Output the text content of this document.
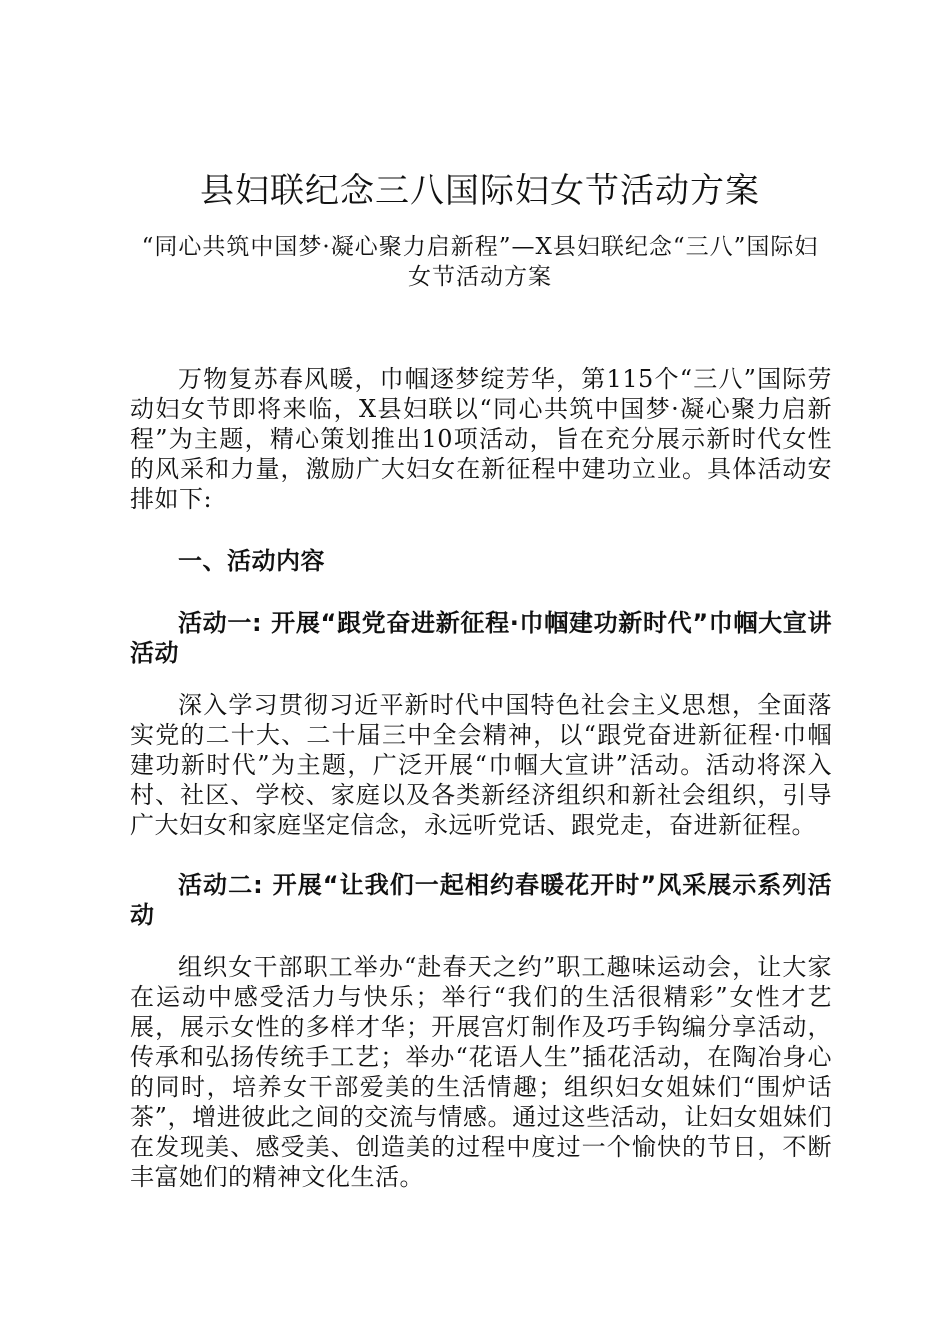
县妇联纪念三八国际妇女节活动方案

“同心共筑中国梦·凝心聚力启新程”—X县妇联纪念“三八”国际妇女节活动方案

万物复苏春风暖，巾帼逐梦绽芳华，第115个“三八”国际劳动妇女节即将来临，X县妇联以“同心共筑中国梦·凝心聚力启新程”为主题，精心策划推出10项活动，旨在充分展示新时代女性的风采和力量，激励广大妇女在新征程中建功立业。具体活动安排如下:

一、活动内容

活动一: 开展“跟党奋进新征程·巾帼建功新时代”巾帼大宣讲活动

深入学习贯彻习近平新时代中国特色社会主义思想，全面落实党的二十大、二十届三中全会精神，以“跟党奋进新征程·巾帼建功新时代”为主题，广泛开展“巾帼大宣讲”活动。活动将深入村、社区、学校、家庭以及各类新经济组织和新社会组织，引导广大妇女和家庭坚定信念，永远听党话、跟党走，奋进新征程。

活动二: 开展“让我们一起相约春暖花开时”风采展示系列活动

组织女干部职工举办“赴春天之约”职工趣味运动会，让大家在运动中感受活力与快乐；举行“我们的生活很精彩”女性才艺展，展示女性的多样才华；开展宫灯制作及巧手钩编分享活动，传承和弘扬传统手工艺；举办“花语人生”插花活动，在陶冶身心的同时，培养女干部爱美的生活情趣；组织妇女姐妹们“围炉话茶”，增进彼此之间的交流与情感。通过这些活动，让妇女姐妹们在发现美、感受美、创造美的过程中度过一个愉快的节日，不断丰富她们的精神文化生活。
